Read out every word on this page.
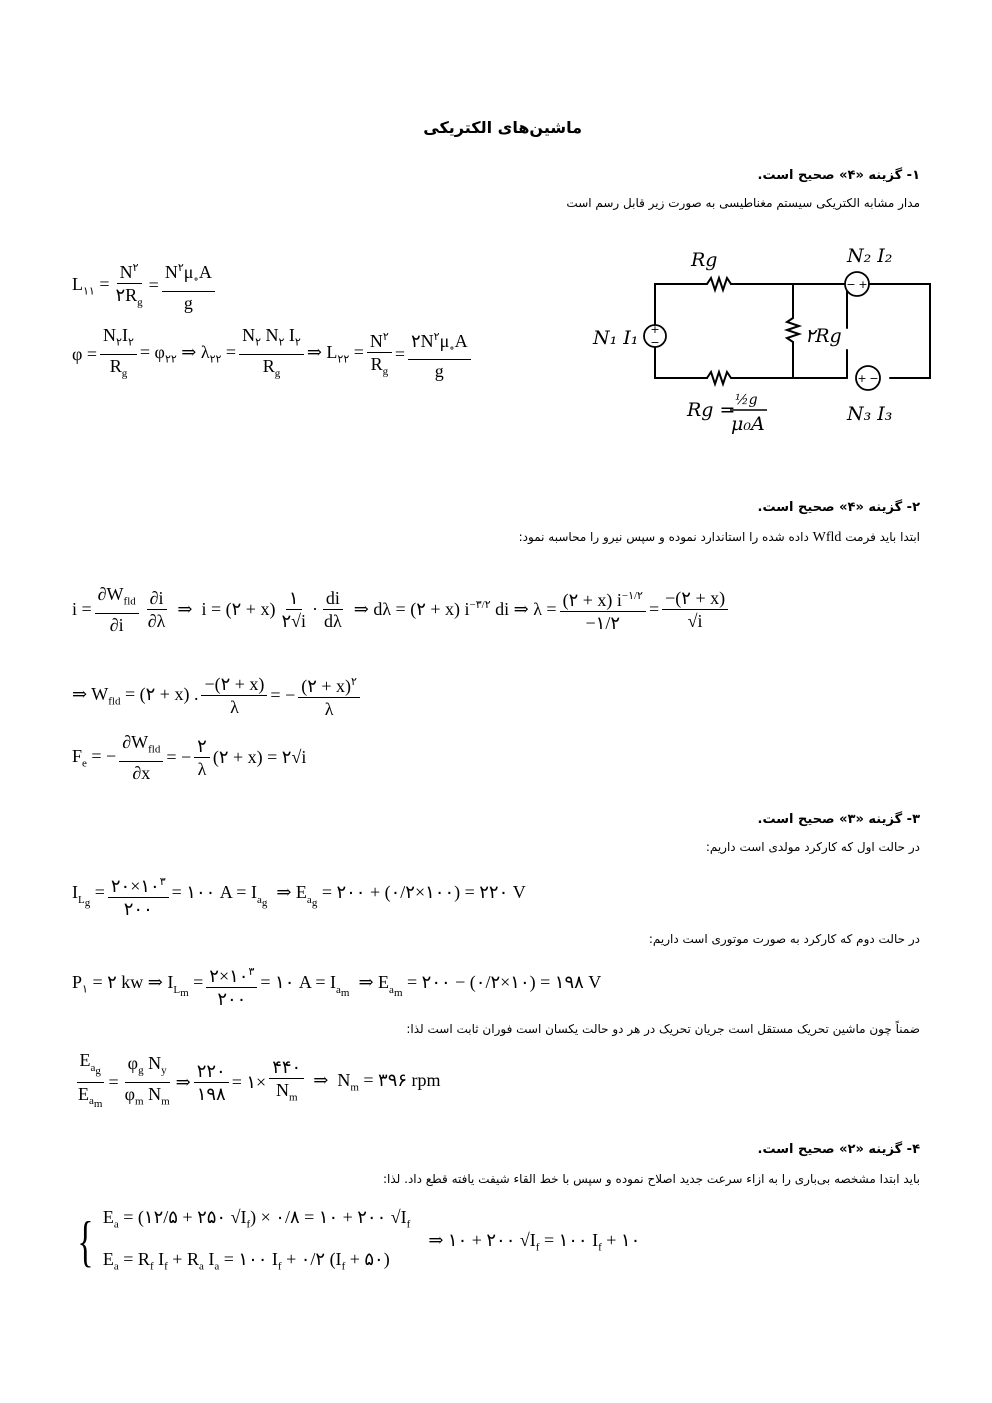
ماشین‌های الکتریکی
۱- گزینه «۴» صحیح است.
مدار مشابه الکتریکی سیستم مغناطیسی به صورت زیر قابل رسم است
$L_{۱۱} = \frac{N^۲}{۲R_g} = \frac{N^۲\mu_\circ A}{g}$
$\varphi = \frac{N_۲I_۲}{R_g} = \varphi_{۲۲}$ ⇒ $\lambda_{۲۲} = \frac{N_۲ N_۲ I_۲}{R_g}$ ⇒ $L_{۲۲} = \frac{N^۲}{R_g} = \frac{۲N^۲\mu_\circ A}{g}$	+
−
− +
+ −
Rg	N₂ I₂
N₁ I₁	۲Rg
N₃ I₃
Rg = ½g
μ₀A
۲- گزینه «۴» صحیح است.
ابتدا باید فرمت Wfld داده شده را استاندارد نموده و سپس نیرو را محاسبه نمود:
$i = \frac{\partial W_{fld}}{\partial i} \frac{\partial i}{\partial\lambda}$ ⇒  i = (۲ + $x) \frac{۱}{۲√i} \cdot \frac{di}{d\lambda}$ ⇒ dλ = (۲ + x) $i^{-۳/۲}$ di ⇒ $\lambda = \frac{(۲ + x) i^{-۱/۲}}{-۱/۲} = \frac{-(۲ + x)}{√i}$
⇒ $W_{fld}$ = (۲ + x) . $\frac{-(۲ + x)}{\lambda}$ = − $\frac{(۲ + x)^۲}{\lambda}$
$F_e$ = − $\frac{\partial W_{fld}}{\partial x}$ = − $\frac{۲}{\lambda}$ (۲ + x) = ۲√i
۳- گزینه «۳» صحیح است.
در حالت اول که کارکرد مولدی است داریم:
$I_{L_g} = \frac{۲۰\times ۱۰^۳}{۲۰۰}$ = ۱۰۰ $A = I_{a_g}$  ⇒ $E_{a_g}$ = ۲۰۰ + (۰/۲×۱۰۰) = ۲۲۰ V
در حالت دوم که کارکرد به صورت موتوری است داریم:
$P_۱$ = ۲ kw ⇒ $I_{L_m} = \frac{۲\times ۱۰^۳}{۲۰۰}$ = ۱۰ $A = I_{a_m}$  ⇒ $E_{a_m}$ = ۲۰۰ − (۰/۲×۱۰) = ۱۹۸ V
ضمناً چون ماشین تحریک مستقل است جریان تحریک در هر دو حالت یکسان است فوران ثابت است لذا:
$\frac{E_{a_g}}{E_{a_m}} = \frac{\varphi_g N_y}{\varphi_m N_m}$ ⇒ $\frac{۲۲۰}{۱۹۸}$ = ۱× $\frac{۴۴۰}{N_m}$ ⇒  $N_m$ = ۳۹۶ rpm
۴- گزینه «۲» صحیح است.
باید ابتدا مشخصه بی‌باری را به ازاء سرعت جدید اصلاح نموده و سپس با خط القاء شیفت یافته قطع داد. لذا:
{ $E_a$ = (۱۲/۵ + ۲۵۰ $√I_f$) × ۰/۸ = ۱۰ + ۲۰۰ $√I_f$
$E_a = R_f$ $I_f + R_a$ $I_a$ = ۱۰۰ $I_f$ + ۰/۲ ($I_f$ + ۵۰)
⇒ ۱۰ + ۲۰۰ $√I_f$ = ۱۰۰ $I_f$ + ۱۰
